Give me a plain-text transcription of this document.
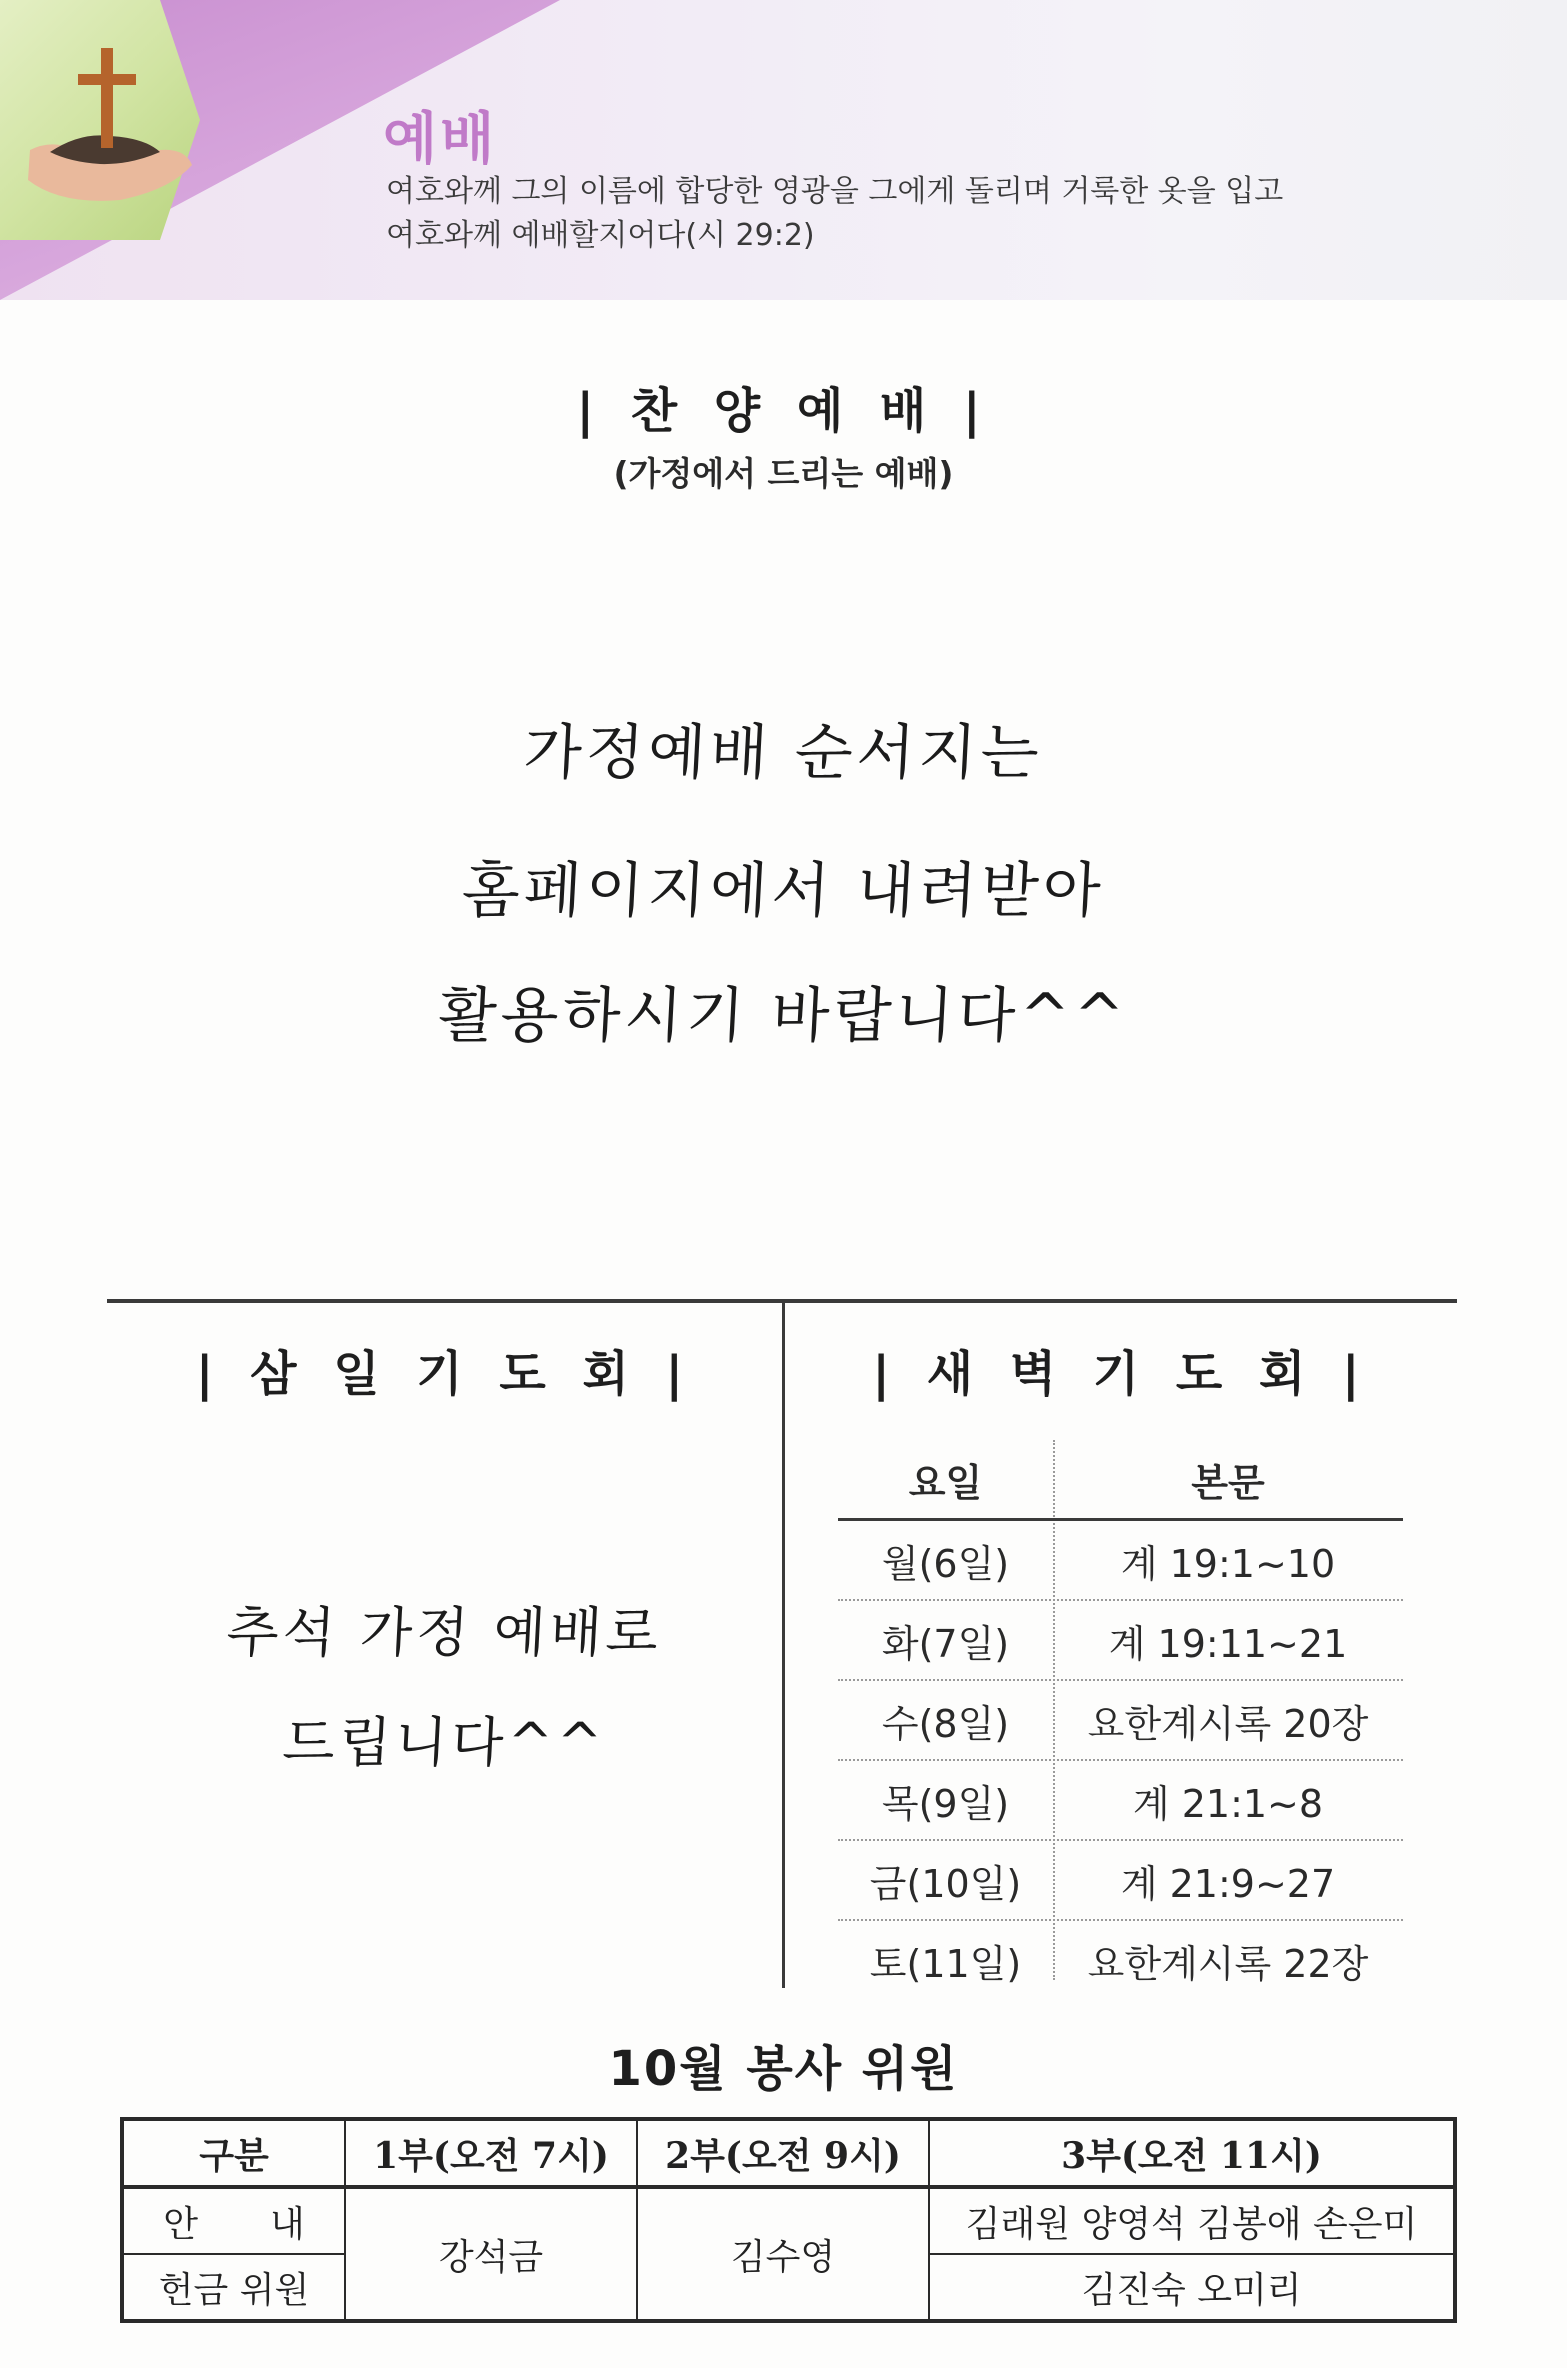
예배
여호와께 그의 이름에 합당한 영광을 그에게 돌리며 거룩한 옷을 입고
여호와께 예배할지어다(시 29:2)
| 찬 양 예 배 |
(가정에서 드리는 예배)
가정예배 순서지는
홈페이지에서 내려받아
활용하시기 바랍니다^^
| 삼 일 기 도 회 |
추석 가정 예배로
드립니다^^
| 새 벽 기 도 회 |
요일	본문
월(6일)	계 19:1~10
화(7일)	계 19:11~21
수(8일)	요한계시록 20장
목(9일)	계 21:1~8
금(10일)	계 21:9~27
토(11일)	요한계시록 22장
10월 봉사 위원
구분	1부(오전 7시)	2부(오전 9시)	3부(오전 11시)
안　　내	강석금	김수영	김래원 양영석 김봉애 손은미
헌금 위원			김진숙 오미리
